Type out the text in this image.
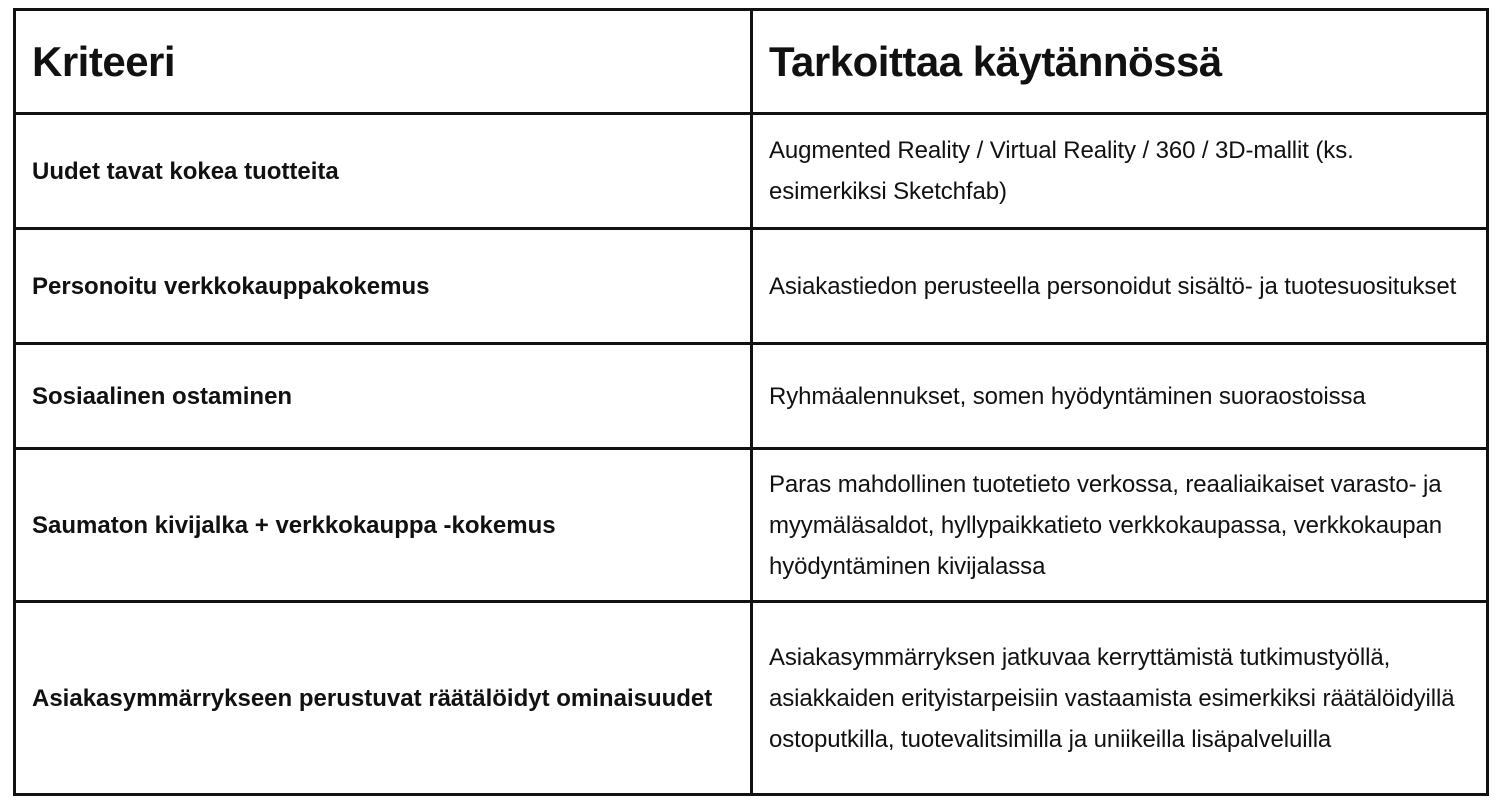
Kriteeri	Tarkoittaa käytännössä
Uudet tavat kokea tuotteita	Augmented Reality / Virtual Reality / 360 / 3D-mallit (ks. esimerkiksi Sketchfab)
Personoitu verkkokauppakokemus	Asiakastiedon perusteella personoidut sisältö- ja tuotesuositukset
Sosiaalinen ostaminen	Ryhmäalennukset, somen hyödyntäminen suoraostoissa
Saumaton kivijalka + verkkokauppa -kokemus	Paras mahdollinen tuotetieto verkossa, reaaliaikaiset varasto- ja myymäläsaldot, hyllypaikkatieto verkkokaupassa, verkkokaupan hyödyntäminen kivijalassa
Asiakasymmärrykseen perustuvat räätälöidyt ominaisuudet	Asiakasymmärryksen jatkuvaa kerryttämistä tutkimustyöllä, asiakkaiden erityistarpeisiin vastaamista esimerkiksi räätälöidyillä ostoputkilla, tuotevalitsimilla ja uniikeilla lisäpalveluilla
